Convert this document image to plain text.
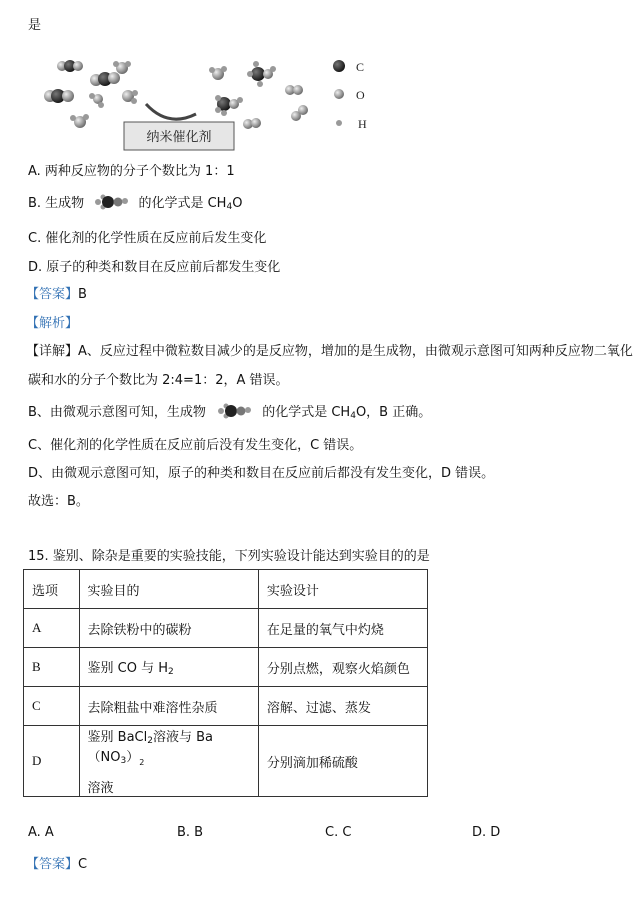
是
纳米催化剂
C
O
H
A. 两种反应物的分子个数比为 1：1
B. 生成物	的化学式是 $CH_4O$
C. 催化剂的化学性质在反应前后发生变化
D. 原子的种类和数目在反应前后都发生变化
【答案】B
【解析】
【详解】A、反应过程中微粒数目减少的是反应物，增加的是生成物，由微观示意图可知两种反应物二氧化
碳和水的分子个数比为 2:4=1：2，A 错误。
B、由微观示意图可知，生成物	的化学式是 $CH_4O$，B 正确。
C、催化剂的化学性质在反应前后没有发生变化，C 错误。
D、由微观示意图可知，原子的种类和数目在反应前后都没有发生变化，D 错误。
故选：B。
15. 鉴别、除杂是重要的实验技能，下列实验设计能达到实验目的的是
选项	实验目的	实验设计
A	去除铁粉中的碳粉	在足量的氧气中灼烧
B	鉴别 CO 与 $H_2$	分别点燃，观察火焰颜色
C	去除粗盐中难溶性杂质	溶解、过滤、蒸发
D	鉴别 BaCl$_2$溶液与 $Ba(NO_3)_2$
溶液	分别滴加稀硫酸
A. A	B. B	C. C	D. D
【答案】C
